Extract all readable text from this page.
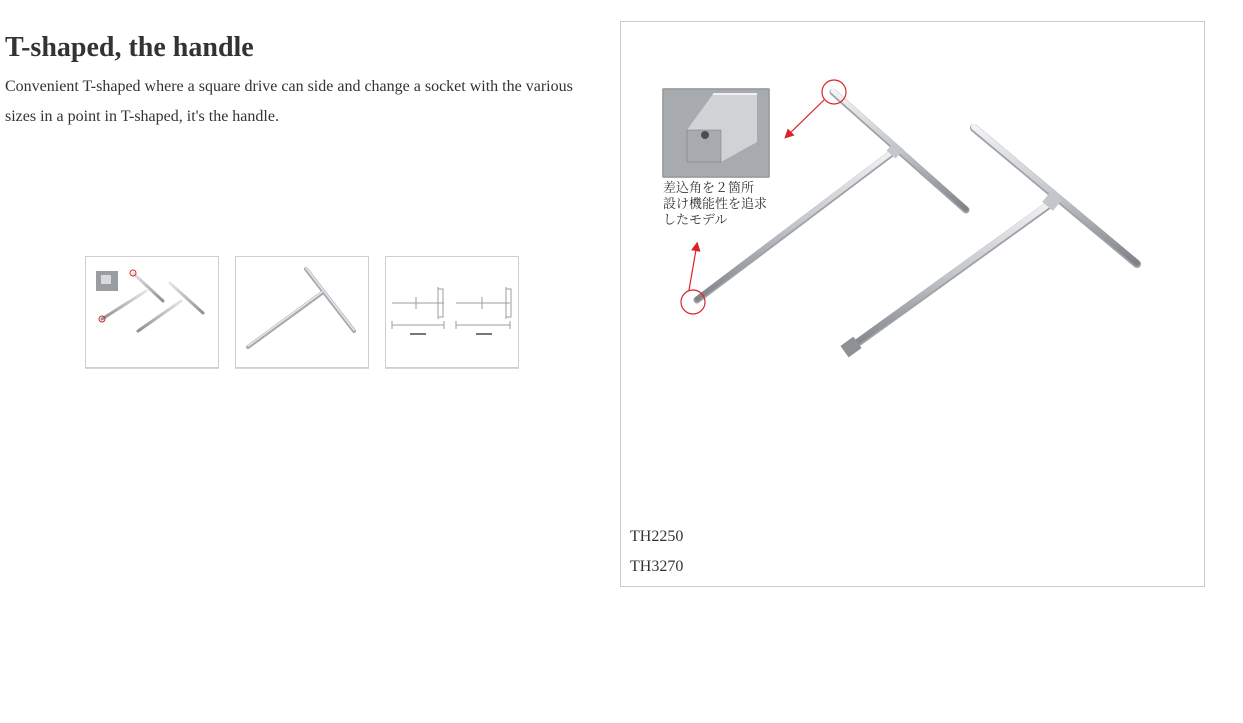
T-shaped, the handle

Convenient T-shaped where a square drive can side and change a socket with the various sizes in a point in T-shaped, it's the handle.

差込角を２箇所
設け機能性を追求
したモデル
TH2250
TH3270
